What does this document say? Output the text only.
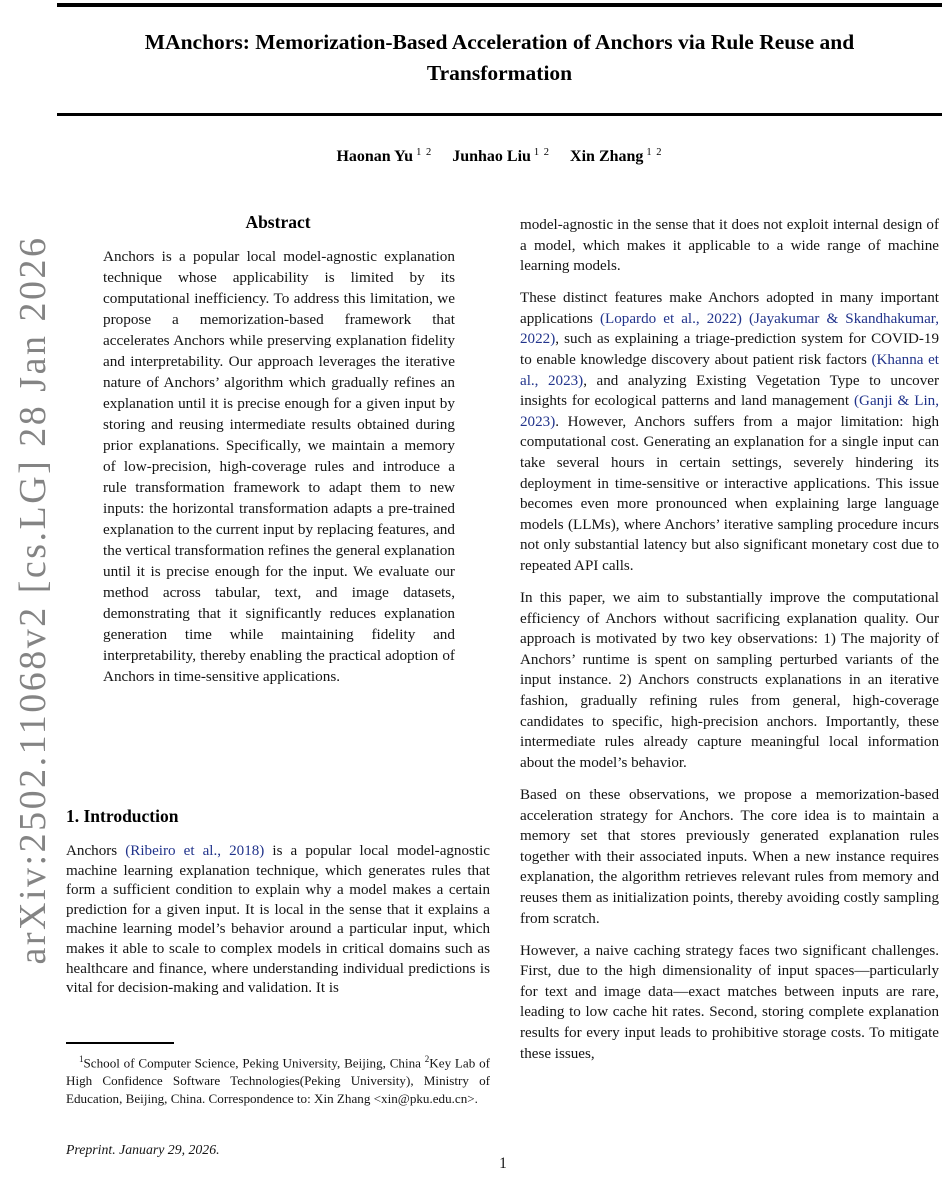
arXiv:2502.11068v2 [cs.LG] 28 Jan 2026
MAnchors: Memorization-Based Acceleration of Anchors via Rule Reuse and
Transformation
Haonan Yu $^{1 2}$ Junhao Liu $^{1 2}$ Xin Zhang $^{1 2}$
Abstract
Anchors is a popular local model-agnostic explanation technique whose applicability is limited by its computational inefficiency. To address this limitation, we propose a memorization-based framework that accelerates Anchors while preserving explanation fidelity and interpretability. Our approach leverages the iterative nature of Anchors’ algorithm which gradually refines an explanation until it is precise enough for a given input by storing and reusing intermediate results obtained during prior explanations. Specifically, we maintain a memory of low-precision, high-coverage rules and introduce a rule transformation framework to adapt them to new inputs: the horizontal transformation adapts a pre-trained explanation to the current input by replacing features, and the vertical transformation refines the general explanation until it is precise enough for the input. We evaluate our method across tabular, text, and image datasets, demonstrating that it significantly reduces explanation generation time while maintaining fidelity and interpretability, thereby enabling the practical adoption of Anchors in time-sensitive applications.
1. Introduction

Anchors (Ribeiro et al., 2018) is a popular local model-agnostic machine learning explanation technique, which generates rules that form a sufficient condition to explain why a model makes a certain prediction for a given input. It is local in the sense that it explains a machine learning model’s behavior around a particular input, which makes it able to scale to complex models in critical domains such as healthcare and finance, where understanding individual predictions is vital for decision-making and validation. It is

$^1$School of Computer Science, Peking University, Beijing, China $^2$Key Lab of High Confidence Software Technologies(Peking University), Ministry of Education, Beijing, China. Correspondence to: Xin Zhang <xin@pku.edu.cn>.
Preprint. January 29, 2026.

model-agnostic in the sense that it does not exploit internal design of a model, which makes it applicable to a wide range of machine learning models.

These distinct features make Anchors adopted in many important applications (Lopardo et al., 2022) (Jayakumar & Skandhakumar, 2022), such as explaining a triage-prediction system for COVID-19 to enable knowledge discovery about patient risk factors (Khanna et al., 2023), and analyzing Existing Vegetation Type to uncover insights for ecological patterns and land management (Ganji & Lin, 2023). However, Anchors suffers from a major limitation: high computational cost. Generating an explanation for a single input can take several hours in certain settings, severely hindering its deployment in time-sensitive or interactive applications. This issue becomes even more pronounced when explaining large language models (LLMs), where Anchors’ iterative sampling procedure incurs not only substantial latency but also significant monetary cost due to repeated API calls.

In this paper, we aim to substantially improve the computational efficiency of Anchors without sacrificing explanation quality. Our approach is motivated by two key observations: 1) The majority of Anchors’ runtime is spent on sampling perturbed variants of the input instance. 2) Anchors constructs explanations in an iterative fashion, gradually refining rules from general, high-coverage candidates to specific, high-precision anchors. Importantly, these intermediate rules already capture meaningful local information about the model’s behavior.

Based on these observations, we propose a memorization-based acceleration strategy for Anchors. The core idea is to maintain a memory set that stores previously generated explanation rules together with their associated inputs. When a new instance requires explanation, the algorithm retrieves relevant rules from memory and reuses them as initialization points, thereby avoiding costly sampling from scratch.

However, a naive caching strategy faces two significant challenges. First, due to the high dimensionality of input spaces—particularly for text and image data—exact matches between inputs are rare, leading to low cache hit rates. Second, storing complete explanation results for every input leads to prohibitive storage costs. To mitigate these issues,

1
